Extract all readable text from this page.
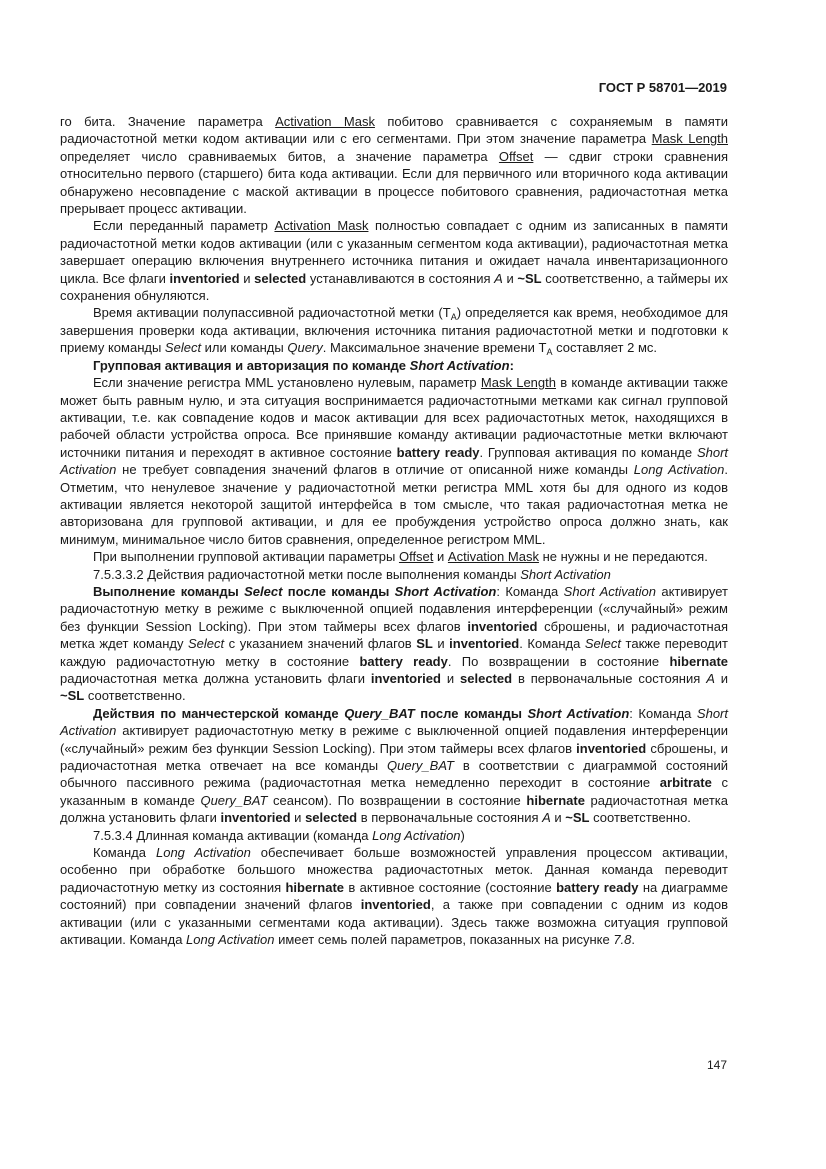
ГОСТ Р 58701—2019

го бита. Значение параметра Activation Mask побитово сравнивается с сохраняемым в памяти радиочастотной метки кодом активации или с его сегментами. При этом значение параметра Mask Length определяет число сравниваемых битов, а значение параметра Offset — сдвиг строки сравнения относительно первого (старшего) бита кода активации. Если для первичного или вторичного кода активации обнаружено несовпадение с маской активации в процессе побитового сравнения, радиочастотная метка прерывает процесс активации.

Если переданный параметр Activation Mask полностью совпадает с одним из записанных в памяти радиочастотной метки кодов активации (или с указанным сегментом кода активации), радиочастотная метка завершает операцию включения внутреннего источника питания и ожидает начала инвентаризационного цикла. Все флаги inventoried и selected устанавливаются в состояния A и ~SL соответственно, а таймеры их сохранения обнуляются.

Время активации полупассивной радиочастотной метки $(T_A)$ определяется как время, необходимое для завершения проверки кода активации, включения источника питания радиочастотной метки и подготовки к приему команды Select или команды Query. Максимальное значение времени $T_A$ составляет 2 мс.

Групповая активация и авторизация по команде Short Activation:

Если значение регистра MML установлено нулевым, параметр Mask Length в команде активации также может быть равным нулю, и эта ситуация воспринимается радиочастотными метками как сигнал групповой активации, т.е. как совпадение кодов и масок активации для всех радиочастотных меток, находящихся в рабочей области устройства опроса. Все принявшие команду активации радиочастотные метки включают источники питания и переходят в активное состояние battery ready. Групповая активация по команде Short Activation не требует совпадения значений флагов в отличие от описанной ниже команды Long Activation. Отметим, что ненулевое значение у радиочастотной метки регистра MML хотя бы для одного из кодов активации является некоторой защитой интерфейса в том смысле, что такая радиочастотная метка не авторизована для групповой активации, и для ее пробуждения устройство опроса должно знать, как минимум, минимальное число битов сравнения, определенное регистром MML.

При выполнении групповой активации параметры Offset и Activation Mask не нужны и не передаются.

7.5.3.3.2 Действия радиочастотной метки после выполнения команды Short Activation

Выполнение команды Select после команды Short Activation: Команда Short Activation активирует радиочастотную метку в режиме с выключенной опцией подавления интерференции («случайный» режим без функции Session Locking). При этом таймеры всех флагов inventoried сброшены, и радиочастотная метка ждет команду Select с указанием значений флагов SL и inventoried. Команда Select также переводит каждую радиочастотную метку в состояние battery ready. По возвращении в состояние hibernate радиочастотная метка должна установить флаги inventoried и selected в первоначальные состояния A и ~SL соответственно.

Действия по манчестерской команде Query_BAT после команды Short Activation: Команда Short Activation активирует радиочастотную метку в режиме с выключенной опцией подавления интерференции («случайный» режим без функции Session Locking). При этом таймеры всех флагов inventoried сброшены, и радиочастотная метка отвечает на все команды Query_BAT в соответствии с диаграммой состояний обычного пассивного режима (радиочастотная метка немедленно переходит в состояние arbitrate с указанным в команде Query_BAT сеансом). По возвращении в состояние hibernate радиочастотная метка должна установить флаги inventoried и selected в первоначальные состояния A и ~SL соответственно.

7.5.3.4 Длинная команда активации (команда Long Activation)

Команда Long Activation обеспечивает больше возможностей управления процессом активации, особенно при обработке большого множества радиочастотных меток. Данная команда переводит радиочастотную метку из состояния hibernate в активное состояние (состояние battery ready на диаграмме состояний) при совпадении значений флагов inventoried, а также при совпадении с одним из кодов активации (или с указанными сегментами кода активации). Здесь также возможна ситуация групповой активации. Команда Long Activation имеет семь полей параметров, показанных на рисунке 7.8.

147
